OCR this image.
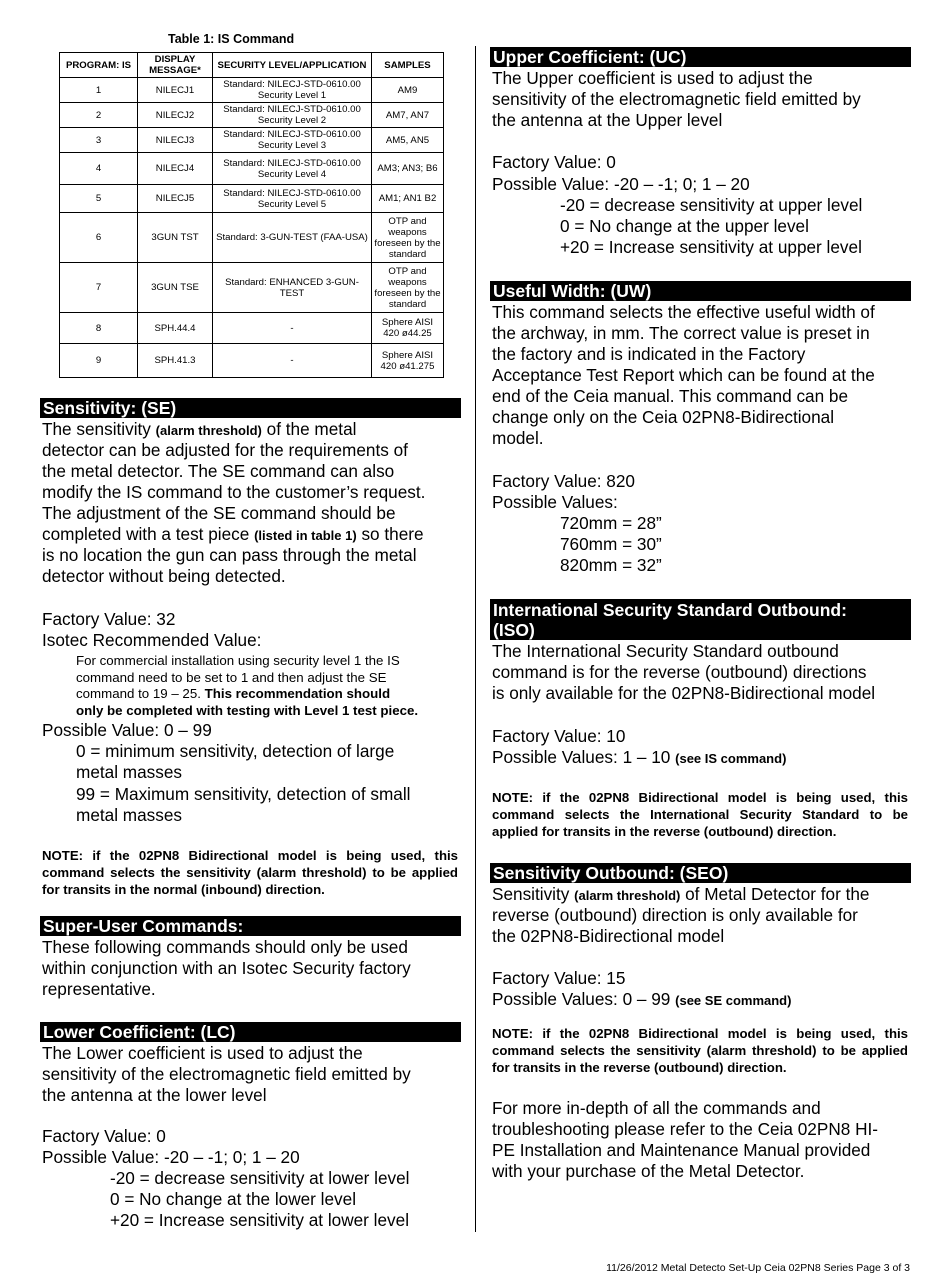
Table 1: IS Command
PROGRAM: IS	DISPLAY MESSAGE*	SECURITY LEVEL/APPLICATION	SAMPLES
1	NILECJ1	Standard: NILECJ-STD-0610.00 Security Level 1	AM9
2	NILECJ2	Standard: NILECJ-STD-0610.00 Security Level 2	AM7, AN7
3	NILECJ3	Standard: NILECJ-STD-0610.00 Security Level 3	AM5, AN5
4	NILECJ4	Standard: NILECJ-STD-0610.00 Security Level 4	AM3; AN3; B6
5	NILECJ5	Standard: NILECJ-STD-0610.00 Security Level 5	AM1; AN1 B2
6	3GUN TST	Standard: 3-GUN-TEST (FAA-USA)	OTP and weapons foreseen by the standard
7	3GUN TSE	Standard: ENHANCED 3-GUN-TEST	OTP and weapons foreseen by the standard
8	SPH.44.4	-	Sphere AISI 420 ø44.25
9	SPH.41.3	-	Sphere AISI 420 ø41.275
Sensitivity: (SE)
The sensitivity (alarm threshold) of the metal
detector can be adjusted for the requirements of
the metal detector. The SE command can also
modify the IS command to the customer’s request.
The adjustment of the SE command should be
completed with a test piece (listed in table 1) so there
is no location the gun can pass through the metal
detector without being detected.
Factory Value: 32
Isotec Recommended Value:
For commercial installation using security level 1 the IS
command need to be set to 1 and then adjust the SE
command to 19 – 25. This recommendation should
only be completed with testing with Level 1 test piece.
Possible Value: 0 – 99
0 = minimum sensitivity, detection of large
metal masses
99 = Maximum sensitivity, detection of small
metal masses
NOTE: if the 02PN8 Bidirectional model is being used, this command selects the sensitivity (alarm threshold) to be applied for transits in the normal (inbound) direction.
Super-User Commands:
These following commands should only be used
within conjunction with an Isotec Security factory
representative.
Lower Coefficient: (LC)
The Lower coefficient is used to adjust the
sensitivity of the electromagnetic field emitted by
the antenna at the lower level
Factory Value: 0
Possible Value: -20 – -1; 0; 1 – 20
-20 = decrease sensitivity at lower level
0 = No change at the lower level
+20 = Increase sensitivity at lower level
Upper Coefficient: (UC)
The Upper coefficient is used to adjust the
sensitivity of the electromagnetic field emitted by
the antenna at the Upper level
Factory Value: 0
Possible Value: -20 – -1; 0; 1 – 20
-20 = decrease sensitivity at upper level
0 = No change at the upper level
+20 = Increase sensitivity at upper level
Useful Width: (UW)
This command selects the effective useful width of
the archway, in mm. The correct value is preset in
the factory and is indicated in the Factory
Acceptance Test Report which can be found at the
end of the Ceia manual. This command can be
change only on the Ceia 02PN8-Bidirectional
model.
Factory Value: 820
Possible Values:
720mm = 28”
760mm = 30”
820mm = 32”
International Security Standard Outbound:
(ISO)
The International Security Standard outbound
command is for the reverse (outbound) directions
is only available for the 02PN8-Bidirectional model
Factory Value: 10
Possible Values: 1 – 10 (see IS command)
NOTE: if the 02PN8 Bidirectional model is being used, this command selects the International Security Standard to be applied for transits in the reverse (outbound) direction.
Sensitivity Outbound: (SEO)
Sensitivity (alarm threshold) of Metal Detector for the
reverse (outbound) direction is only available for
the 02PN8-Bidirectional model
Factory Value: 15
Possible Values: 0 – 99 (see SE command)
NOTE: if the 02PN8 Bidirectional model is being used, this command selects the sensitivity (alarm threshold) to be applied for transits in the reverse (outbound) direction.
For more in-depth of all the commands and
troubleshooting please refer to the Ceia 02PN8 HI-
PE Installation and Maintenance Manual provided
with your purchase of the Metal Detector.
11/26/2012 Metal Detecto Set-Up Ceia 02PN8 Series Page 3 of 3
